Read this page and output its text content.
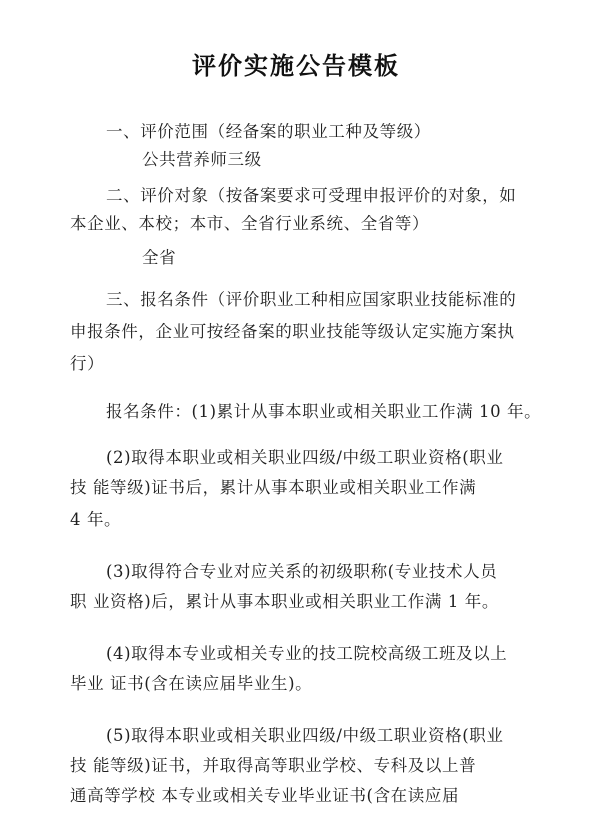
评价实施公告模板
一、评价范围（经备案的职业工种及等级）
公共营养师三级
二、评价对象（按备案要求可受理申报评价的对象，如
本企业、本校；本市、全省行业系统、全省等）
全省
三、报名条件（评价职业工种相应国家职业技能标准的
申报条件，企业可按经备案的职业技能等级认定实施方案执
行）
报名条件：(1)累计从事本职业或相关职业工作满 10 年。
(2)取得本职业或相关职业四级/中级工职业资格(职业
技 能等级)证书后，累计从事本职业或相关职业工作满
4 年。
(3)取得符合专业对应关系的初级职称(专业技术人员
职 业资格)后，累计从事本职业或相关职业工作满 1 年。
(4)取得本专业或相关专业的技工院校高级工班及以上
毕业 证书(含在读应届毕业生)。
(5)取得本职业或相关职业四级/中级工职业资格(职业
技 能等级)证书，并取得高等职业学校、专科及以上普
通高等学校 本专业或相关专业毕业证书(含在读应届
